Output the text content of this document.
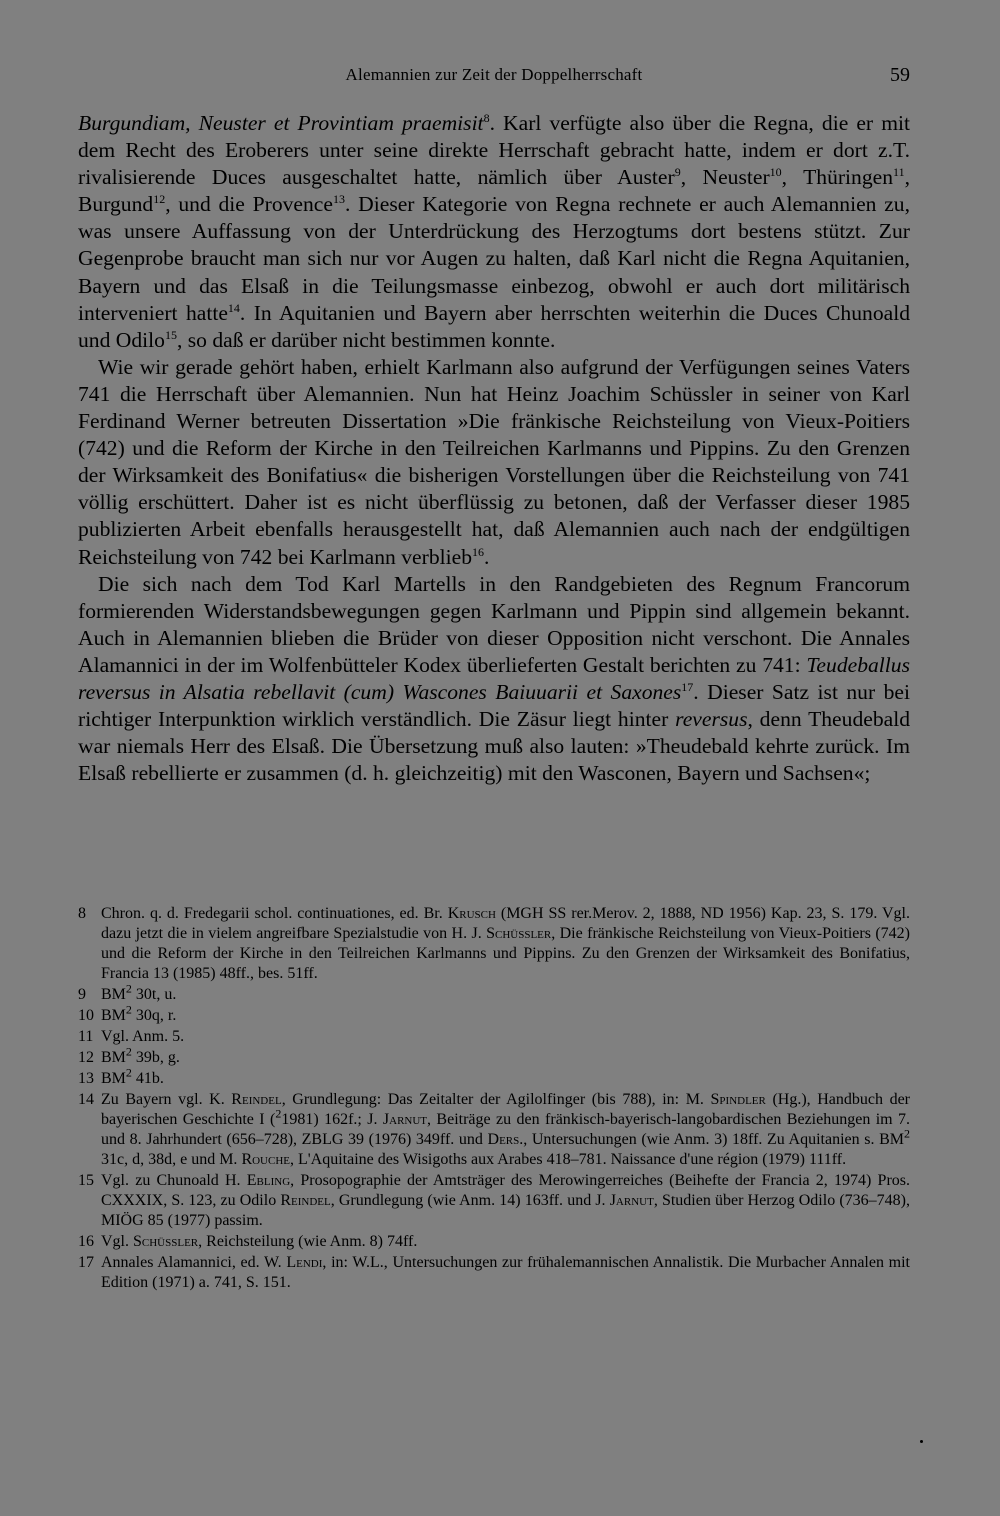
Alemannien zur Zeit der Doppelherrschaft	59

Burgundiam, Neuster et Provintiam praemisit$^8$. Karl verfügte also über die Regna, die er mit dem Recht des Eroberers unter seine direkte Herrschaft gebracht hatte, indem er dort z.T. rivalisierende Duces ausgeschaltet hatte, nämlich über Auster$^9$, Neuster$^{10}$, Thüringen$^{11}$, Burgund$^{12}$, und die Provence$^{13}$. Dieser Kategorie von Regna rechnete er auch Alemannien zu, was unsere Auffassung von der Unterdrückung des Herzogtums dort bestens stützt. Zur Gegenprobe braucht man sich nur vor Augen zu halten, daß Karl nicht die Regna Aquitanien, Bayern und das Elsaß in die Teilungsmasse einbezog, obwohl er auch dort militärisch interveniert hatte$^{14}$. In Aquitanien und Bayern aber herrschten weiterhin die Duces Chunoald und Odilo$^{15}$, so daß er darüber nicht bestimmen konnte.

Wie wir gerade gehört haben, erhielt Karlmann also aufgrund der Verfügungen seines Vaters 741 die Herrschaft über Alemannien. Nun hat Heinz Joachim Schüssler in seiner von Karl Ferdinand Werner betreuten Dissertation »Die fränkische Reichsteilung von Vieux-Poitiers (742) und die Reform der Kirche in den Teilreichen Karlmanns und Pippins. Zu den Grenzen der Wirksamkeit des Bonifatius« die bisherigen Vorstellungen über die Reichsteilung von 741 völlig erschüttert. Daher ist es nicht überflüssig zu betonen, daß der Verfasser dieser 1985 publizierten Arbeit ebenfalls herausgestellt hat, daß Alemannien auch nach der endgültigen Reichsteilung von 742 bei Karlmann verblieb$^{16}$.

Die sich nach dem Tod Karl Martells in den Randgebieten des Regnum Francorum formierenden Widerstandsbewegungen gegen Karlmann und Pippin sind allgemein bekannt. Auch in Alemannien blieben die Brüder von dieser Opposition nicht verschont. Die Annales Alamannici in der im Wolfenbütteler Kodex überlieferten Gestalt berichten zu 741: Teudeballus reversus in Alsatia rebellavit (cum) Wascones Baiuuarii et Saxones$^{17}$. Dieser Satz ist nur bei richtiger Interpunktion wirklich verständlich. Die Zäsur liegt hinter reversus, denn Theudebald war niemals Herr des Elsaß. Die Übersetzung muß also lauten: »Theudebald kehrte zurück. Im Elsaß rebellierte er zusammen (d. h. gleichzeitig) mit den Wasconen, Bayern und Sachsen«;

8 Chron. q. d. Fredegarii schol. continuationes, ed. Br. Krusch (MGH SS rer.Merov. 2, 1888, ND 1956) Kap. 23, S. 179. Vgl. dazu jetzt die in vielem angreifbare Spezialstudie von H. J. Schüssler, Die fränkische Reichsteilung von Vieux-Poitiers (742) und die Reform der Kirche in den Teilreichen Karlmanns und Pippins. Zu den Grenzen der Wirksamkeit des Bonifatius, Francia 13 (1985) 48ff., bes. 51ff.
9 $BM^2$ 30t, u.
10 $BM^2$ 30q, r.
11 Vgl. Anm. 5.
12 $BM^2$ 39b, g.
13 $BM^2$ 41b.
14 Zu Bayern vgl. K. Reindel, Grundlegung: Das Zeitalter der Agilolfinger (bis 788), in: M. Spindler (Hg.), Handbuch der bayerischen Geschichte I ($^2$1981) 162f.; J. Jarnut, Beiträge zu den fränkisch-bayerisch-langobardischen Beziehungen im 7. und 8. Jahrhundert (656–728), ZBLG 39 (1976) 349ff. und Ders., Untersuchungen (wie Anm. 3) 18ff. Zu Aquitanien s. $BM^2$ 31c, d, 38d, e und M. Rouche, L'Aquitaine des Wisigoths aux Arabes 418–781. Naissance d'une région (1979) 111ff.
15 Vgl. zu Chunoald H. Ebling, Prosopographie der Amtsträger des Merowingerreiches (Beihefte der Francia 2, 1974) Pros. CXXXIX, S. 123, zu Odilo Reindel, Grundlegung (wie Anm. 14) 163ff. und J. Jarnut, Studien über Herzog Odilo (736–748), MIÖG 85 (1977) passim.
16 Vgl. Schüssler, Reichsteilung (wie Anm. 8) 74ff.
17 Annales Alamannici, ed. W. Lendi, in: W.L., Untersuchungen zur frühalemannischen Annalistik. Die Murbacher Annalen mit Edition (1971) a. 741, S. 151.
